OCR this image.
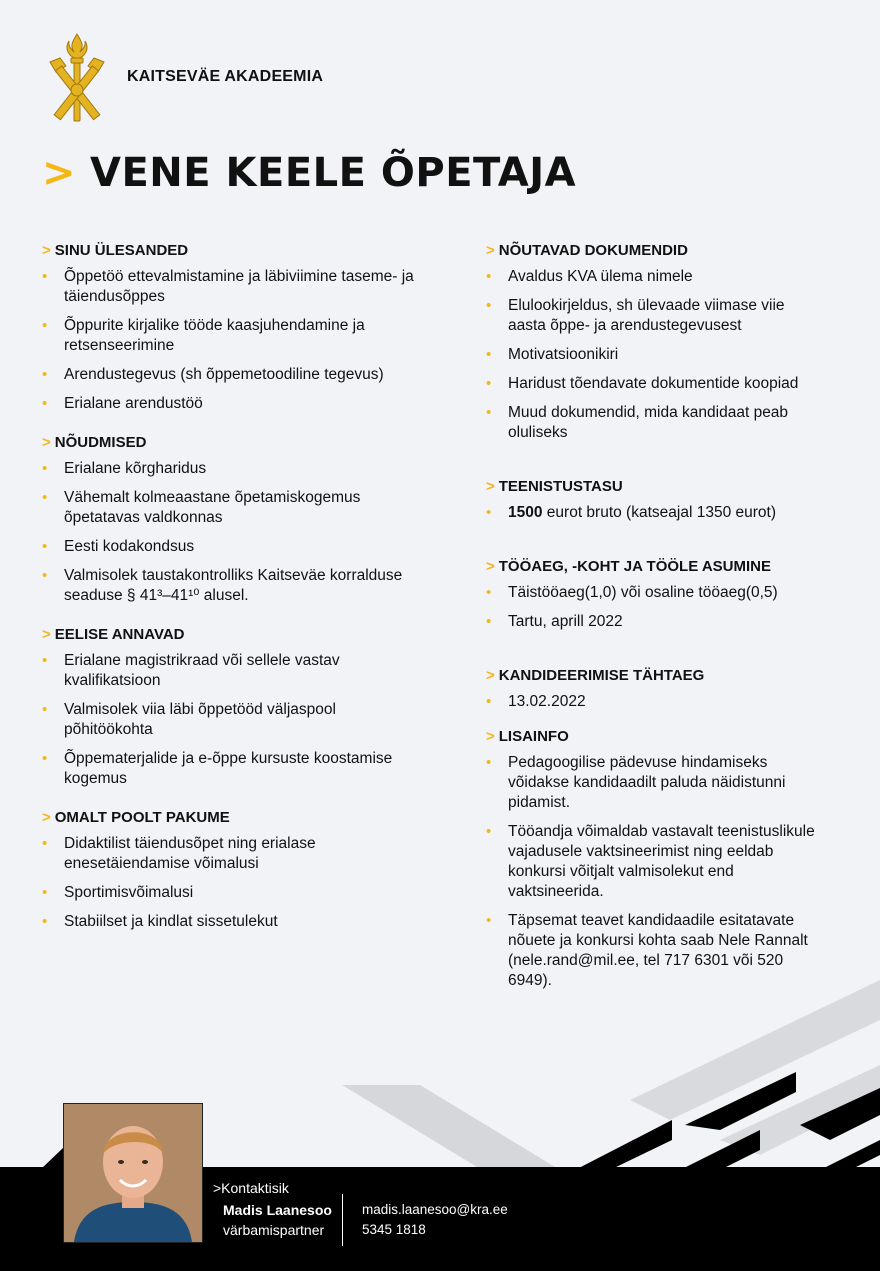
KAITSEVÄE AKADEEMIA
> VENE KEELE ÕPETAJA
> SINU ÜLESANDED
• Õppetöö ettevalmistamine ja läbiviimine taseme- ja täiendusõppes
• Õppurite kirjalike tööde kaasjuhendamine ja retsenseerimine
• Arendustegevus (sh õppemetoodiline tegevus)
• Erialane arendustöö
> NÕUDMISED
• Erialane kõrgharidus
• Vähemalt kolmeaastane õpetamiskogemus õpetatavas valdkonnas
• Eesti kodakondsus
• Valmisolek taustakontrolliks Kaitseväe korralduse seaduse § 41³–41¹⁰ alusel.
> EELISE ANNAVAD
• Erialane magistrikraad või sellele vastav kvalifikatsioon
• Valmisolek viia läbi õppetööd väljaspool põhitöökohta
• Õppematerjalide ja e-õppe kursuste koostamise kogemus
> OMALT POOLT PAKUME
• Didaktilist täiendusõpet ning erialase enesetäiendamise võimalusi
• Sportimisvõimalusi
• Stabiilset ja kindlat sissetulekut
> NÕUTAVAD DOKUMENDID
• Avaldus KVA ülema nimele
• Elulookirjeldus, sh ülevaade viimase viie aasta õppe- ja arendustegevusest
• Motivatsioonikiri
• Haridust tõendavate dokumentide koopiad
• Muud dokumendid, mida kandidaat peab oluliseks
> TEENISTUSTASU
• 1500 eurot bruto (katseajal 1350 eurot)
> TÖÖAEG, -KOHT JA TÖÖLE ASUMINE
• Täistööaeg(1,0) või osaline tööaeg(0,5)
• Tartu, aprill 2022
> KANDIDEERIMISE TÄHTAEG
• 13.02.2022
> LISAINFO
• Pedagoogilise pädevuse hindamiseks võidakse kandidaadilt paluda näidistunni pidamist.
• Tööandja võimaldab vastavalt teenistuslikule vajadusele vaktsineerimist ning eeldab konkursi võitjalt valmisolekut end vaktsineerida.
• Täpsemat teavet kandidaadile esitatavate nõuete ja konkursi kohta saab Nele Rannalt (nele.rand@mil.ee, tel 717 6301 või 520 6949).
>Kontaktisik
Madis Laanesoo
värbamispartner
madis.laanesoo@kra.ee
5345 1818
